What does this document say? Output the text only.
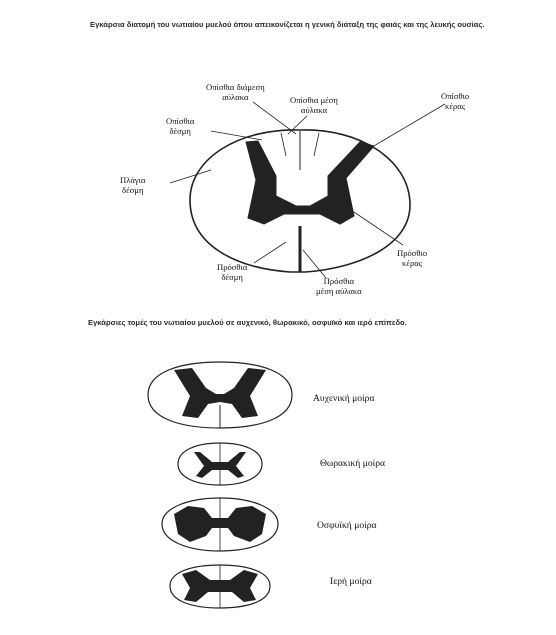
Εγκάρσια διατομή του νωτιαίου μυελού όπου απεικονίζεται η γενική διάταξη της φαιάς και της λευκής ουσίας.
Εγκάρσιες τομές του νωτιαίου μυελού σε αυχενικό, θωρακικό, οσφυϊκό και ιερό επίπεδο.
Οπίσθια διάμεση
αύλακα	Οπίσθια μέση
αύλακα
Οπίσθιο
κέρας
Οπίσθια
δέσμη
Πλάγια
δέσμη
Πρόσθιο
κέρας
Πρόσθια
δέσμη	Πρόσθια
μέση αύλακα
Αυχενική μοίρα
Θωρακική μοίρα
Οσφυϊκή μοίρα
Ιερή μοίρα
